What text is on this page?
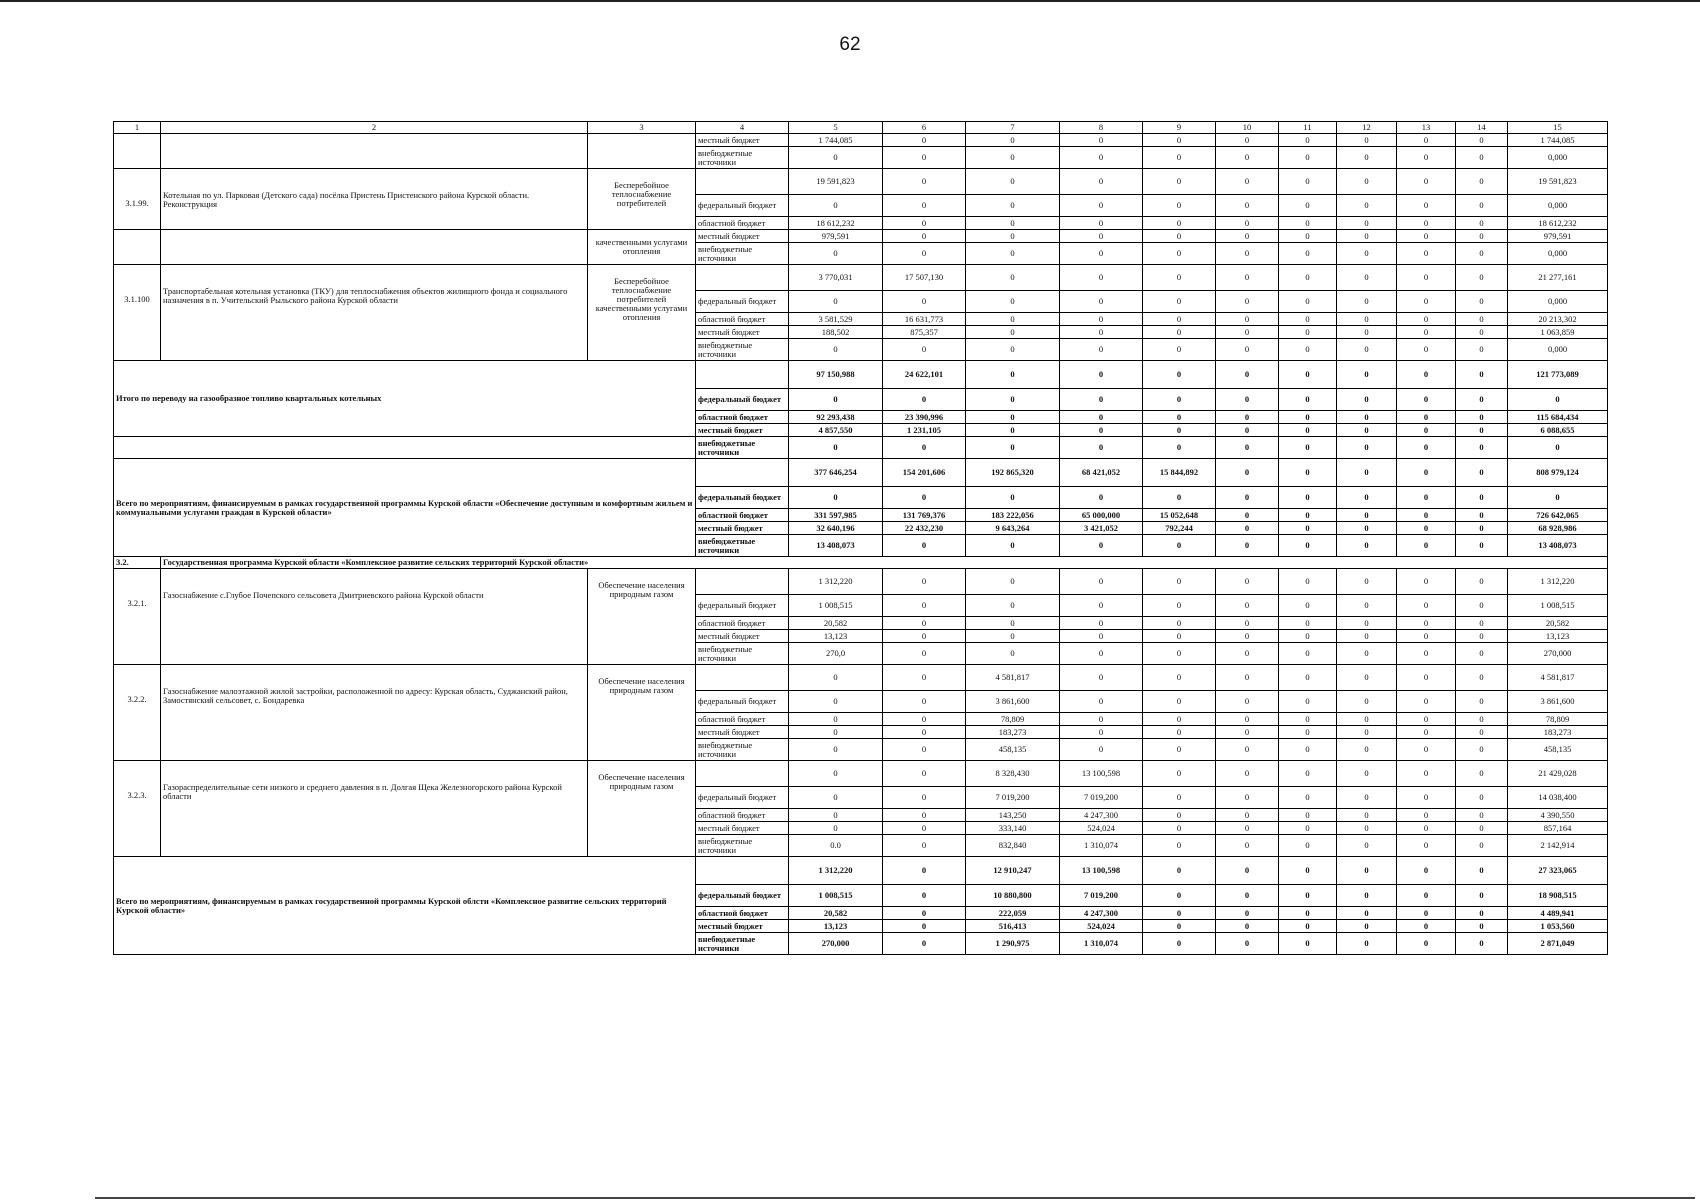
62
1	2	3	4	5	6	7	8	9	10	11	12	13	14	15
			местный бюджет	1 744,085	0	0	0	0	0	0	0	0	0	1 744,085
			внебюджетные источники	0	0	0	0	0	0	0	0	0	0	0,000
3.1.99.	Котельная по ул. Парковая (Детского сада) посёлка Пристень Пристенского района Курской области. Реконструкция	Бесперебойное теплоснабжение потребителей		19 591,823	0	0	0	0	0	0	0	0	0	19 591,823
			федеральный бюджет	0	0	0	0	0	0	0	0	0	0	0,000
			областной бюджет	18 612,232	0	0	0	0	0	0	0	0	0	18 612,232
		качественными услугами отопления	местный бюджет	979,591	0	0	0	0	0	0	0	0	0	979,591
			внебюджетные источники	0	0	0	0	0	0	0	0	0	0	0,000
3.1.100	Транспортабельная котельная установка (ТКУ) для теплоснабжения объектов жилищного фонда и социального назначения в п. Учительский Рыльского района Курской области	Бесперебойное теплоснабжение потребителей качественными услугами отопления		3 770,031	17 507,130	0	0	0	0	0	0	0	0	21 277,161
			федеральный бюджет	0	0	0	0	0	0	0	0	0	0	0,000
			областной бюджет	3 581,529	16 631,773	0	0	0	0	0	0	0	0	20 213,302
			местный бюджет	188,502	875,357	0	0	0	0	0	0	0	0	1 063,859
			внебюджетные источники	0	0	0	0	0	0	0	0	0	0	0,000
Итого по переводу на газообразное топливо квартальных котельных				97 150,988	24 622,101	0	0	0	0	0	0	0	0	121 773,089
			федеральный бюджет	0	0	0	0	0	0	0	0	0	0	0
			областной бюджет	92 293,438	23 390,996	0	0	0	0	0	0	0	0	115 684,434
			местный бюджет	4 857,550	1 231,105	0	0	0	0	0	0	0	0	6 088,655
			внебюджетные источники	0	0	0	0	0	0	0	0	0	0	0
Всего по мероприятиям, финансируемым в рамках государственной программы Курской области «Обеспечение доступным и комфортным жильем и коммунальными услугами граждан в Курской области»				377 646,254	154 201,606	192 865,320	68 421,052	15 844,892	0	0	0	0	0	808 979,124
			федеральный бюджет	0	0	0	0	0	0	0	0	0	0	0
			областной бюджет	331 597,985	131 769,376	183 222,056	65 000,000	15 052,648	0	0	0	0	0	726 642,065
			местный бюджет	32 640,196	22 432,230	9 643,264	3 421,052	792,244	0	0	0	0	0	68 928,986
			внебюджетные источники	13 408,073	0	0	0	0	0	0	0	0	0	13 408,073
3.2.	Государственная программа Курской области «Комплексное развитие сельских территорий Курской области»													
3.2.1.	Газоснабжение с.Глубое Почепского сельсовета Дмитриевского района Курской области	Обеспечение населения природным газом		1 312,220	0	0	0	0	0	0	0	0	0	1 312,220
			федеральный бюджет	1 008,515	0	0	0	0	0	0	0	0	0	1 008,515
			областной бюджет	20,582	0	0	0	0	0	0	0	0	0	20,582
			местный бюджет	13,123	0	0	0	0	0	0	0	0	0	13,123
			внебюджетные источники	270,0	0	0	0	0	0	0	0	0	0	270,000
3.2.2.	Газоснабжение малоэтажной жилой застройки, расположенной по адресу: Курская область, Суджанский район, Замостянский сельсовет, с. Бондаревка	Обеспечение населения природным газом		0	0	4 581,817	0	0	0	0	0	0	0	4 581,817
			федеральный бюджет	0	0	3 861,600	0	0	0	0	0	0	0	3 861,600
			областной бюджет	0	0	78,809	0	0	0	0	0	0	0	78,809
			местный бюджет	0	0	183,273	0	0	0	0	0	0	0	183,273
			внебюджетные источники	0	0	458,135	0	0	0	0	0	0	0	458,135
3.2.3.	Газораспределительные сети низкого и среднего давления в п. Долгая Щека Железногорского района Курской области	Обеспечение населения природным газом		0	0	8 328,430	13 100,598	0	0	0	0	0	0	21 429,028
			федеральный бюджет	0	0	7 019,200	7 019,200	0	0	0	0	0	0	14 038,400
			областной бюджет	0	0	143,250	4 247,300	0	0	0	0	0	0	4 390,550
			местный бюджет	0	0	333,140	524,024	0	0	0	0	0	0	857,164
			внебюджетные источники	0.0	0	832,840	1 310,074	0	0	0	0	0	0	2 142,914
Всего по мероприятиям, финансируемым в рамках государственной программы Курской облсти «Комплексное развитие сельских территорий Курской области»				1 312,220	0	12 910,247	13 100,598	0	0	0	0	0	0	27 323,065
			федеральный бюджет	1 008,515	0	10 880,800	7 019,200	0	0	0	0	0	0	18 908,515
			областной бюджет	20,582	0	222,059	4 247,300	0	0	0	0	0	0	4 489,941
			местный бюджет	13,123	0	516,413	524,024	0	0	0	0	0	0	1 053,560
			внебюджетные источники	270,000	0	1 290,975	1 310,074	0	0	0	0	0	0	2 871,049
